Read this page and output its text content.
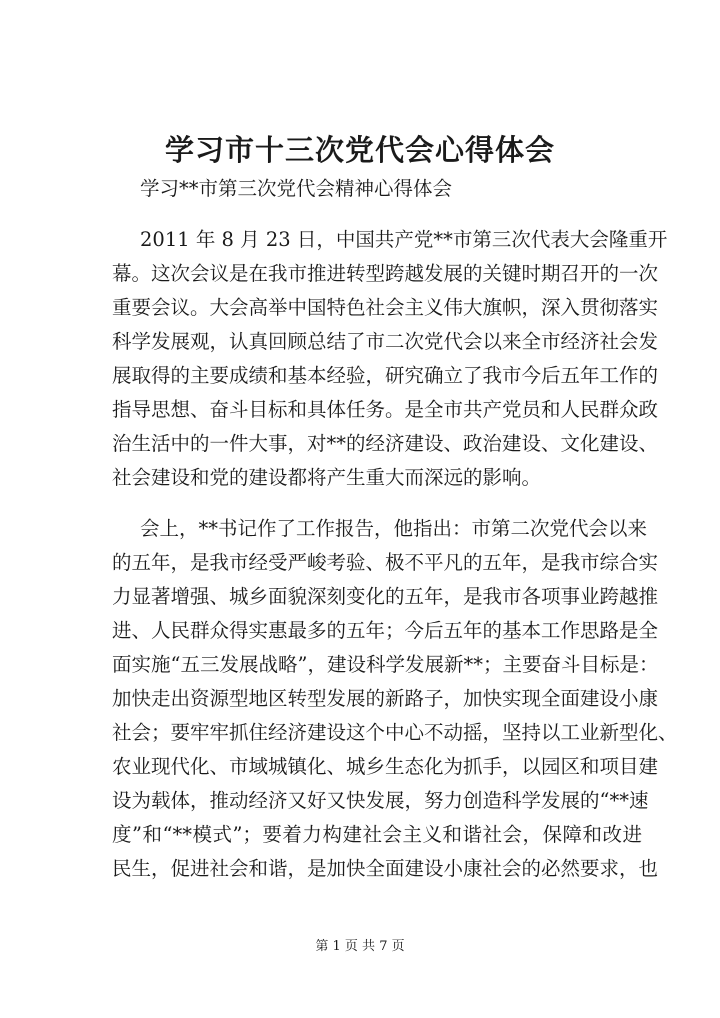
学习市十三次党代会心得体会
学习**市第三次党代会精神心得体会
2011 年 8 月 23 日，中国共产党**市第三次代表大会隆重开
幕。这次会议是在我市推进转型跨越发展的关键时期召开的一次
重要会议。大会高举中国特色社会主义伟大旗帜，深入贯彻落实
科学发展观，认真回顾总结了市二次党代会以来全市经济社会发
展取得的主要成绩和基本经验，研究确立了我市今后五年工作的
指导思想、奋斗目标和具体任务。是全市共产党员和人民群众政
治生活中的一件大事，对**的经济建设、政治建设、文化建设、
社会建设和党的建设都将产生重大而深远的影响。
会上，**书记作了工作报告，他指出：市第二次党代会以来
的五年，是我市经受严峻考验、极不平凡的五年，是我市综合实
力显著增强、城乡面貌深刻变化的五年，是我市各项事业跨越推
进、人民群众得实惠最多的五年；今后五年的基本工作思路是全
面实施“五三发展战略”，建设科学发展新**；主要奋斗目标是：
加快走出资源型地区转型发展的新路子，加快实现全面建设小康
社会；要牢牢抓住经济建设这个中心不动摇，坚持以工业新型化、
农业现代化、市域城镇化、城乡生态化为抓手，以园区和项目建
设为载体，推动经济又好又快发展，努力创造科学发展的“**速
度”和“**模式”；要着力构建社会主义和谐社会，保障和改进
民生，促进社会和谐，是加快全面建设小康社会的必然要求，也
第 1 页 共 7 页
